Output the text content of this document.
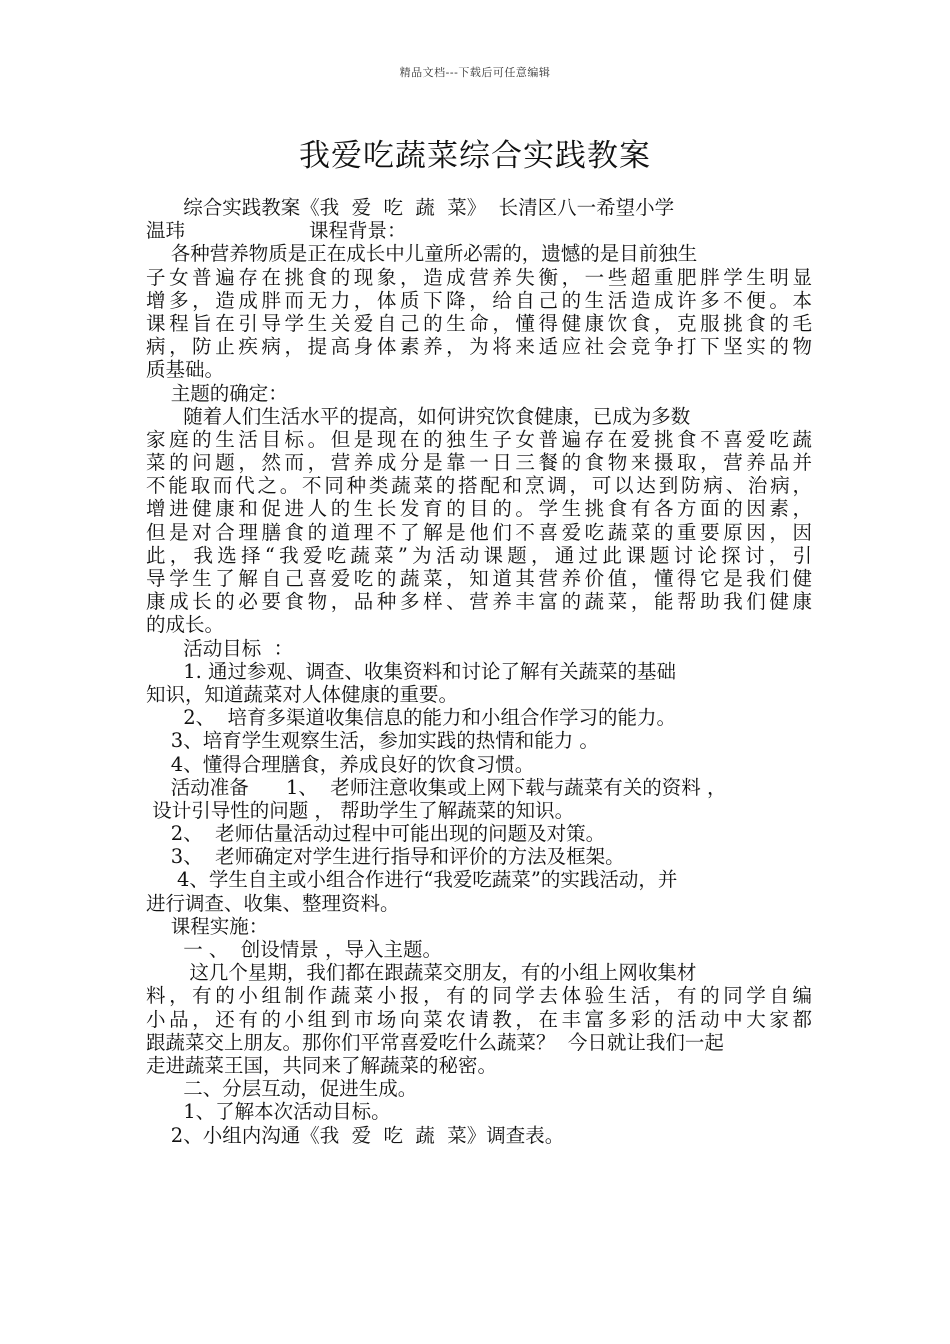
精品文档---下载后可任意编辑
我爱吃蔬菜综合实践教案
综合实践教案《我  爱  吃  蔬  菜》  长清区八一希望小学
温玮                    课程背景：
各种营养物质是正在成长中儿童所必需的，遗憾的是目前独生
子女普遍存在挑食的现象，造成营养失衡，一些超重肥胖学生明显
增多，造成胖而无力，体质下降，给自己的生活造成许多不便。本
课程旨在引导学生关爱自己的生命，懂得健康饮食，克服挑食的毛
病，防止疾病，提高身体素养，为将来适应社会竞争打下坚实的物
质基础。
主题的确定：
随着人们生活水平的提高，如何讲究饮食健康，已成为多数
家庭的生活目标。但是现在的独生子女普遍存在爱挑食不喜爱吃蔬
菜的问题，然而，营养成分是靠一日三餐的食物来摄取，营养品并
不能取而代之。不同种类蔬菜的搭配和烹调，可以达到防病、治病，
增进健康和促进人的生长发育的目的。学生挑食有各方面的因素，
但是对合理膳食的道理不了解是他们不喜爱吃蔬菜的重要原因，因
此，我选择“我爱吃蔬菜”为活动课题，通过此课题讨论探讨，引
导学生了解自己喜爱吃的蔬菜，知道其营养价值，懂得它是我们健
康成长的必要食物，品种多样、营养丰富的蔬菜，能帮助我们健康
的成长。
活动目标  ：
1. 通过参观、调查、收集资料和讨论了解有关蔬菜的基础
知识，知道蔬菜对人体健康的重要。
2、  培育多渠道收集信息的能力和小组合作学习的能力。
3、培育学生观察生活，参加实践的热情和能力 。
4、懂得合理膳食，养成良好的饮食习惯。
活动准备      1、  老师注意收集或上网下载与蔬菜有关的资料 ，
设计引导性的问题 ， 帮助学生了解蔬菜的知识。
2、  老师估量活动过程中可能出现的问题及对策。
3、  老师确定对学生进行指导和评价的方法及框架。
4、学生自主或小组合作进行“我爱吃蔬菜”的实践活动，并
进行调查、收集、整理资料。
课程实施：
一 、  创设情景 ，导入主题。
这几个星期，我们都在跟蔬菜交朋友，有的小组上网收集材
料，有的小组制作蔬菜小报，有的同学去体验生活，有的同学自编
小品，还有的小组到市场向菜农请教，在丰富多彩的活动中大家都
跟蔬菜交上朋友。那你们平常喜爱吃什么蔬菜？  今日就让我们一起
走进蔬菜王国，共同来了解蔬菜的秘密。
二、分层互动，促进生成。
1、了解本次活动目标。
2、小组内沟通《我  爱  吃  蔬  菜》调查表。
